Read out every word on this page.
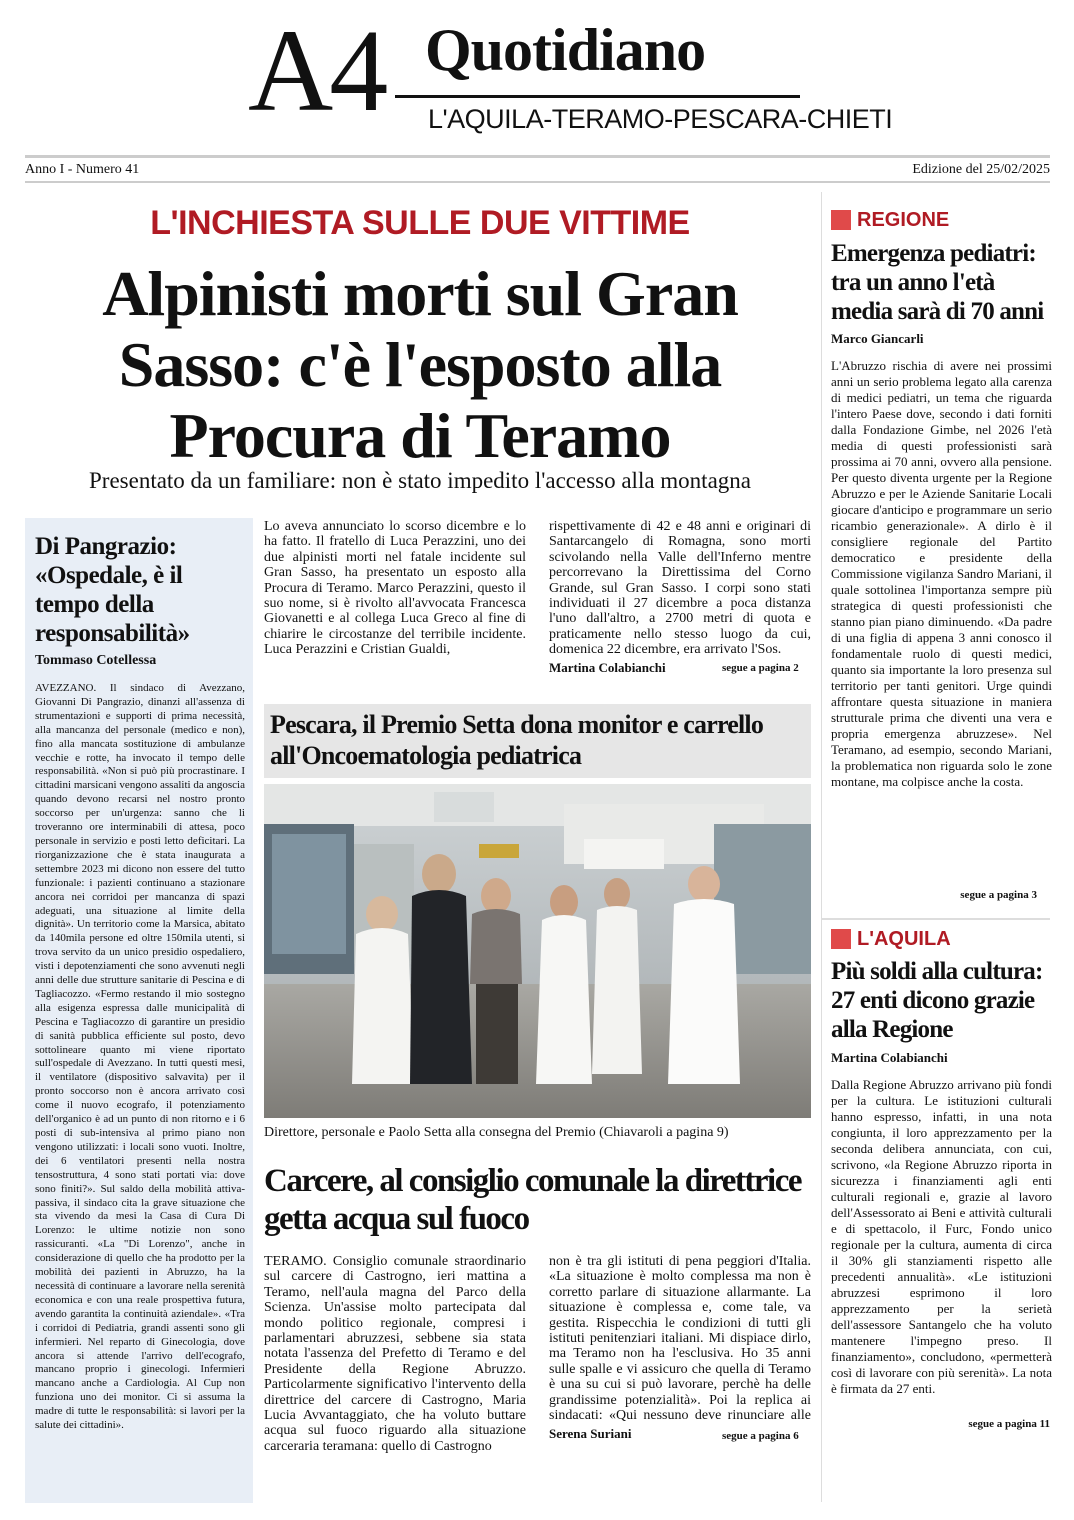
A4 Quotidiano
L'AQUILA-TERAMO-PESCARA-CHIETI
Anno I - Numero 41	Edizione del 25/02/2025
L'INCHIESTA SULLE DUE VITTIME
Alpinisti morti sul Gran Sasso: c'è l'esposto alla Procura di Teramo
Presentato da un familiare: non è stato impedito l'accesso alla montagna
Lo aveva annunciato lo scorso dicembre e lo ha fatto. Il fratello di Luca Perazzini, uno dei due alpinisti morti nel fatale incidente sul Gran Sasso, ha presentato un esposto alla Procura di Teramo. Marco Perazzini, questo il suo nome, si è rivolto all'avvocata Francesca Giovanetti e al collega Luca Greco al fine di chiarire le circostanze del terribile incidente. Luca Perazzini e Cristian Gualdi,
rispettivamente di 42 e 48 anni e originari di Santarcangelo di Romagna, sono morti scivolando nella Valle dell'Inferno mentre percorrevano la Direttissima del Corno Grande, sul Gran Sasso. I corpi sono stati individuati il 27 dicembre a poca distanza l'uno dall'altro, a 2700 metri di quota e praticamente nello stesso luogo da cui, domenica 22 dicembre, era arrivato l'Sos.
Martina Colabianchi	segue a pagina 2
Di Pangrazio: «Ospedale, è il tempo della responsabilità»
Tommaso Cotellessa
AVEZZANO. Il sindaco di Avezzano, Giovanni Di Pangrazio, dinanzi all'assenza di strumentazioni e supporti di prima necessità, alla mancanza del personale (medico e non), fino alla mancata sostituzione di ambulanze vecchie e rotte, ha invocato il tempo delle responsabilità. «Non si può più procrastinare. I cittadini marsicani vengono assaliti da angoscia quando devono recarsi nel nostro pronto soccorso per un'urgenza: sanno che li troveranno ore interminabili di attesa, poco personale in servizio e posti letto deficitari. La riorganizzazione che è stata inaugurata a settembre 2023 mi dicono non essere del tutto funzionale: i pazienti continuano a stazionare ancora nei corridoi per mancanza di spazi adeguati, una situazione al limite della dignità». Un territorio come la Marsica, abitato da 140mila persone ed oltre 150mila utenti, si trova servito da un unico presidio ospedaliero, visti i depotenziamenti che sono avvenuti negli anni delle due strutture sanitarie di Pescina e di Tagliacozzo. «Fermo restando il mio sostegno alla esigenza espressa dalle municipalità di Pescina e Tagliacozzo di garantire un presidio di sanità pubblica efficiente sul posto, devo sottolineare quanto mi viene riportato sull'ospedale di Avezzano. In tutti questi mesi, il ventilatore (dispositivo salvavita) per il pronto soccorso non è ancora arrivato così come il nuovo ecografo, il potenziamento dell'organico è ad un punto di non ritorno e i 6 posti di sub-intensiva al primo piano non vengono utilizzati: i locali sono vuoti. Inoltre, dei 6 ventilatori presenti nella nostra tensostruttura, 4 sono stati portati via: dove sono finiti?». Sul saldo della mobilità attiva-passiva, il sindaco cita la grave situazione che sta vivendo da mesi la Casa di Cura Di Lorenzo: le ultime notizie non sono rassicuranti. «La "Di Lorenzo", anche in considerazione di quello che ha prodotto per la mobilità dei pazienti in Abruzzo, ha la necessità di continuare a lavorare nella serenità economica e con una reale prospettiva futura, avendo garantita la continuità aziendale». «Tra i corridoi di Pediatria, grandi assenti sono gli infermieri. Nel reparto di Ginecologia, dove ancora si attende l'arrivo dell'ecografo, mancano proprio i ginecologi. Infermieri mancano anche a Cardiologia. Al Cup non funziona uno dei monitor. Ci si assuma la madre di tutte le responsabilità: si lavori per la salute dei cittadini».
Pescara, il Premio Setta dona monitor e carrello all'Oncoematologia pediatrica
Direttore, personale e Paolo Setta alla consegna del Premio (Chiavaroli a pagina 9)
Carcere, al consiglio comunale la direttrice getta acqua sul fuoco
TERAMO. Consiglio comunale straordinario sul carcere di Castrogno, ieri mattina a Teramo, nell'aula magna del Parco della Scienza. Un'assise molto partecipata dal mondo politico regionale, compresi i parlamentari abruzzesi, sebbene sia stata notata l'assenza del Prefetto di Teramo e del Presidente della Regione Abruzzo. Particolarmente significativo l'intervento della direttrice del carcere di Castrogno, Maria Lucia Avvantaggiato, che ha voluto buttare acqua sul fuoco riguardo alla situazione carceraria teramana: quello di Castrogno
non è tra gli istituti di pena peggiori d'Italia. «La situazione è molto complessa ma non è corretto parlare di situazione allarmante. La situazione è complessa e, come tale, va gestita. Rispecchia le condizioni di tutti gli istituti penitenziari italiani. Mi dispiace dirlo, ma Teramo non ha l'esclusiva. Ho 35 anni sulle spalle e vi assicuro che quella di Teramo è una su cui si può lavorare, perchè ha delle grandissime potenzialità». Poi la replica ai sindacati: «Qui nessuno deve rinunciare alle
Serena Suriani	segue a pagina 6
REGIONE
Emergenza pediatri: tra un anno l'età media sarà di 70 anni
Marco Giancarli
L'Abruzzo rischia di avere nei prossimi anni un serio problema legato alla carenza di medici pediatri, un tema che riguarda l'intero Paese dove, secondo i dati forniti dalla Fondazione Gimbe, nel 2026 l'età media di questi professionisti sarà prossima ai 70 anni, ovvero alla pensione. Per questo diventa urgente per la Regione Abruzzo e per le Aziende Sanitarie Locali giocare d'anticipo e programmare un serio ricambio generazionale». A dirlo è il consigliere regionale del Partito democratico e presidente della Commissione vigilanza Sandro Mariani, il quale sottolinea l'importanza sempre più strategica di questi professionisti che stanno pian piano diminuendo. «Da padre di una figlia di appena 3 anni conosco il fondamentale ruolo di questi medici, quanto sia importante la loro presenza sul territorio per tanti genitori. Urge quindi affrontare questa situazione in maniera strutturale prima che diventi una vera e propria emergenza abruzzese». Nel Teramano, ad esempio, secondo Mariani, la problematica non riguarda solo le zone montane, ma colpisce anche la costa.
segue a pagina 3
L'AQUILA
Più soldi alla cultura: 27 enti dicono grazie alla Regione
Martina Colabianchi
Dalla Regione Abruzzo arrivano più fondi per la cultura. Le istituzioni culturali hanno espresso, infatti, in una nota congiunta, il loro apprezzamento per la seconda delibera annunciata, con cui, scrivono, «la Regione Abruzzo riporta in sicurezza i finanziamenti agli enti culturali regionali e, grazie al lavoro dell'Assessorato ai Beni e attività culturali e di spettacolo, il Furc, Fondo unico regionale per la cultura, aumenta di circa il 30% gli stanziamenti rispetto alle precedenti annualità». «Le istituzioni abruzzesi esprimono il loro apprezzamento per la serietà dell'assessore Santangelo che ha voluto mantenere l'impegno preso. Il finanziamento», concludono, «permetterà così di lavorare con più serenità». La nota è firmata da 27 enti.
segue a pagina 11
